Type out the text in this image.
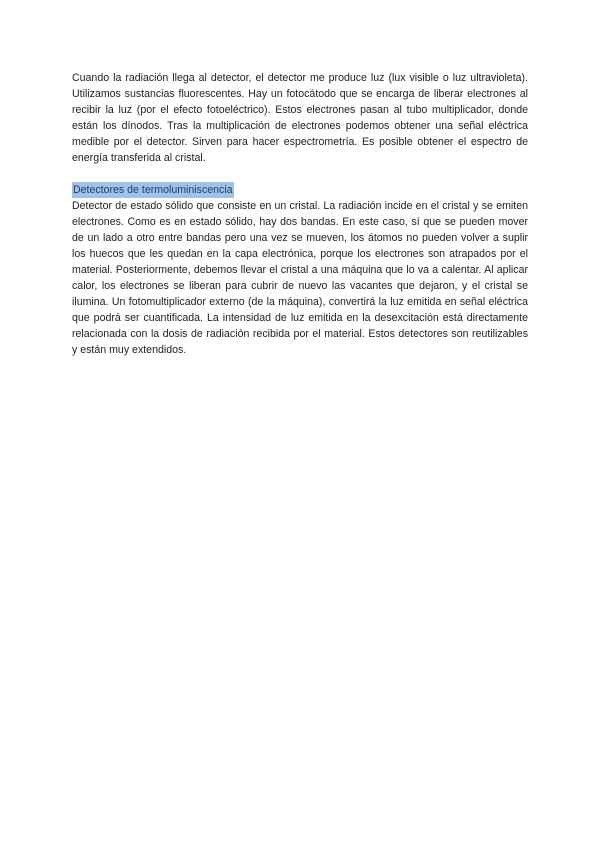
Cuando la radiación llega al detector, el detector me produce luz (lux visible o luz ultravioleta). Utilizamos sustancias fluorescentes. Hay un fotocátodo que se encarga de liberar electrones al recibir la luz (por el efecto fotoeléctrico). Estos electrones pasan al tubo multiplicador, donde están los dínodos. Tras la multiplicación de electrones podemos obtener una señal eléctrica medible por el detector. Sirven para hacer espectrometría. Es posible obtener el espectro de energía transferida al cristal.

Detectores de termoluminiscencia

Detector de estado sólido que consiste en un cristal. La radiación incide en el cristal y se emiten electrones. Como es en estado sólido, hay dos bandas. En este caso, sí que se pueden mover de un lado a otro entre bandas pero una vez se mueven, los átomos no pueden volver a suplir los huecos que les quedan en la capa electrónica, porque los electrones son atrapados por el material. Posteriormente, debemos llevar el cristal a una máquina que lo va a calentar. Al aplicar calor, los electrones se liberan para cubrir de nuevo las vacantes que dejaron, y el cristal se ilumina. Un fotomultiplicador externo (de la máquina), convertirá la luz emitida en señal eléctrica que podrá ser cuantificada. La intensidad de luz emitida en la desexcitación está directamente relacionada con la dosis de radiación recibida por el material. Estos detectores son reutilizables y están muy extendidos.
